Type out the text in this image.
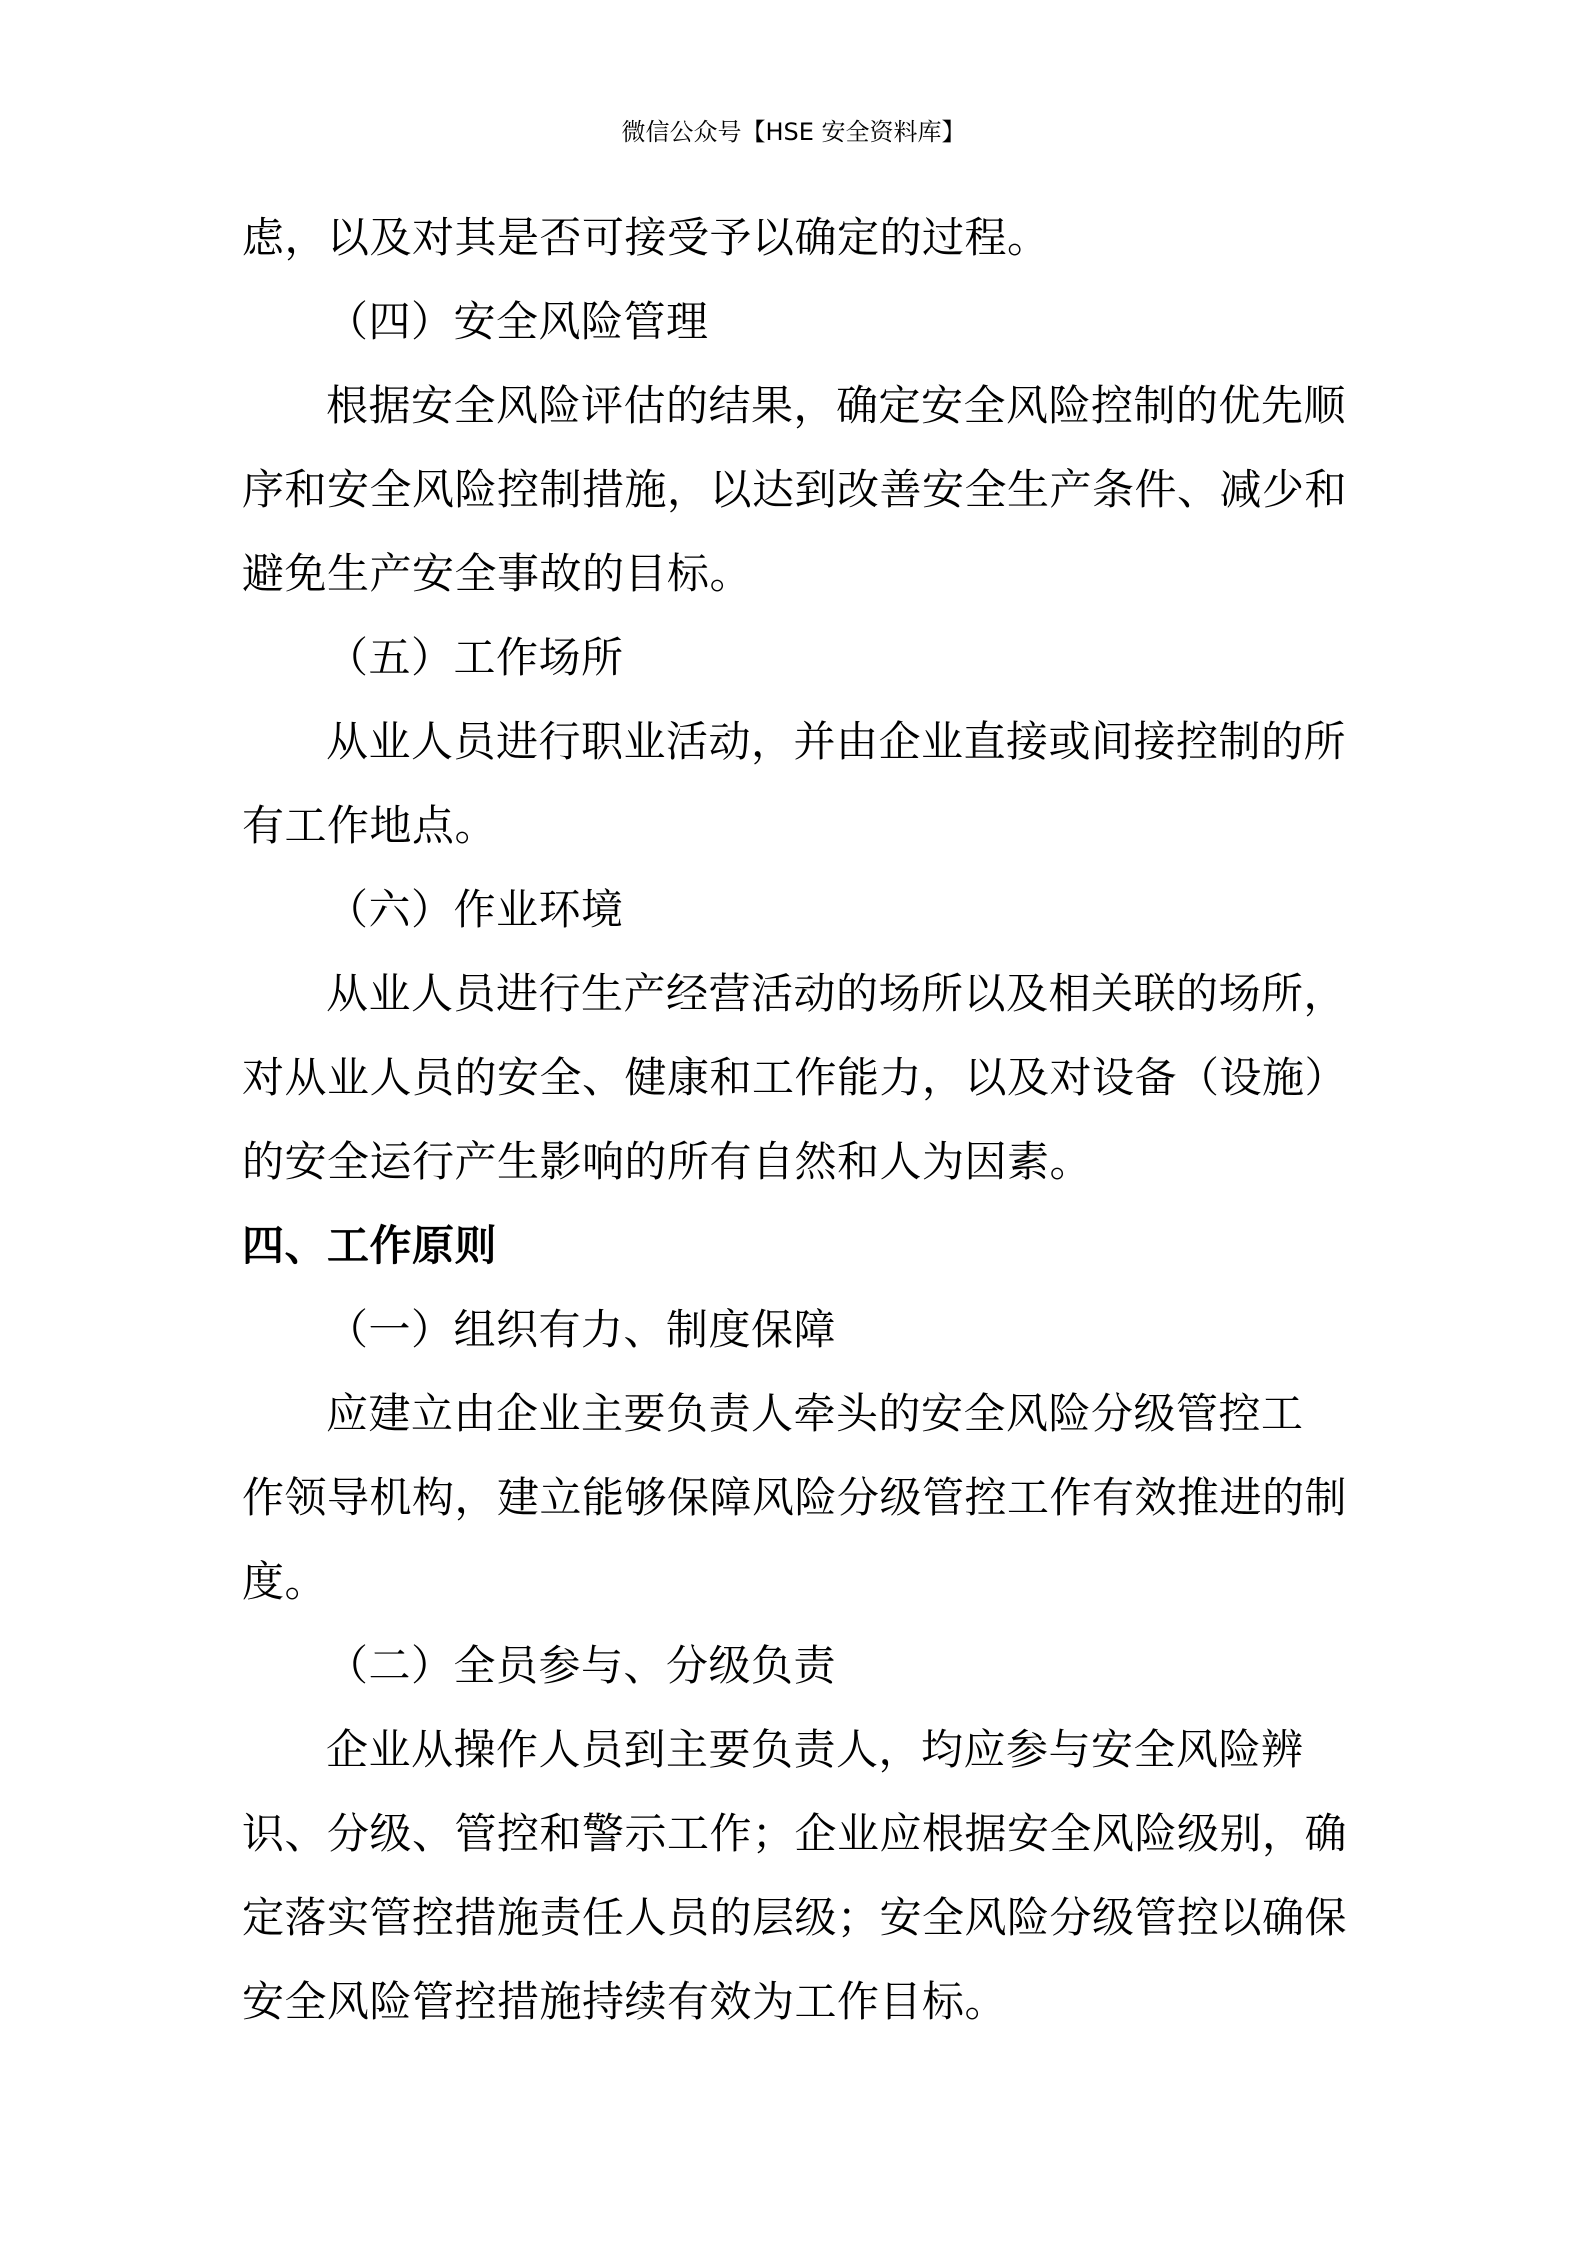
微信公众号【HSE 安全资料库】
虑，以及对其是否可接受予以确定的过程。
（四）安全风险管理
根据安全风险评估的结果，确定安全风险控制的优先顺
序和安全风险控制措施，以达到改善安全生产条件、减少和
避免生产安全事故的目标。
（五）工作场所
从业人员进行职业活动，并由企业直接或间接控制的所
有工作地点。
（六）作业环境
从业人员进行生产经营活动的场所以及相关联的场所，
对从业人员的安全、健康和工作能力，以及对设备（设施）
的安全运行产生影响的所有自然和人为因素。
四、工作原则
（一）组织有力、制度保障
应建立由企业主要负责人牵头的安全风险分级管控工
作领导机构，建立能够保障风险分级管控工作有效推进的制
度。
（二）全员参与、分级负责
企业从操作人员到主要负责人，均应参与安全风险辨
识、分级、管控和警示工作；企业应根据安全风险级别，确
定落实管控措施责任人员的层级；安全风险分级管控以确保
安全风险管控措施持续有效为工作目标。
